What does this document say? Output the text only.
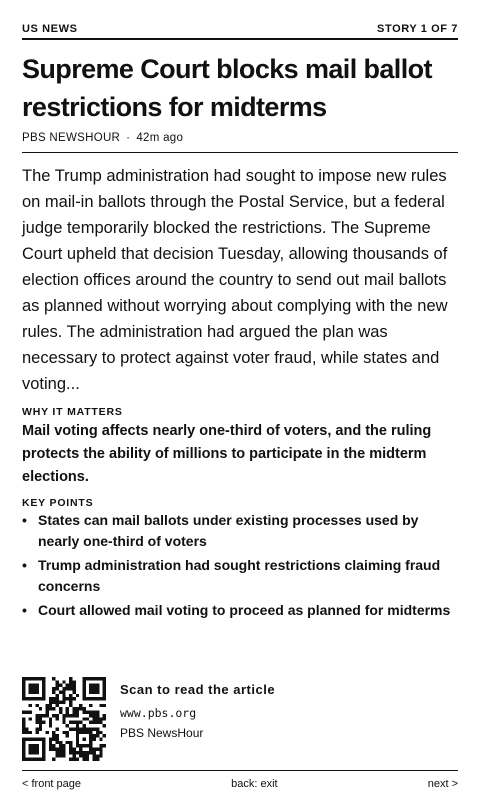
US NEWS	STORY 1 OF 7
Supreme Court blocks mail ballot restrictions for midterms
PBS NEWSHOUR · 42m ago

The Trump administration had sought to impose new rules on mail-in ballots through the Postal Service, but a federal judge temporarily blocked the restrictions. The Supreme Court upheld that decision Tuesday, allowing thousands of election offices around the country to send out mail ballots as planned without worrying about complying with the new rules. The administration had argued the plan was necessary to protect against voter fraud, while states and voting...

WHY IT MATTERS

Mail voting affects nearly one-third of voters, and the ruling protects the ability of millions to participate in the midterm elections.

KEY POINTS
• States can mail ballots under existing processes used by nearly one-third of voters
• Trump administration had sought restrictions claiming fraud concerns
• Court allowed mail voting to proceed as planned for midterms
Scan to read the article
www.pbs.org
PBS NewsHour
< front page	back: exit	next >
